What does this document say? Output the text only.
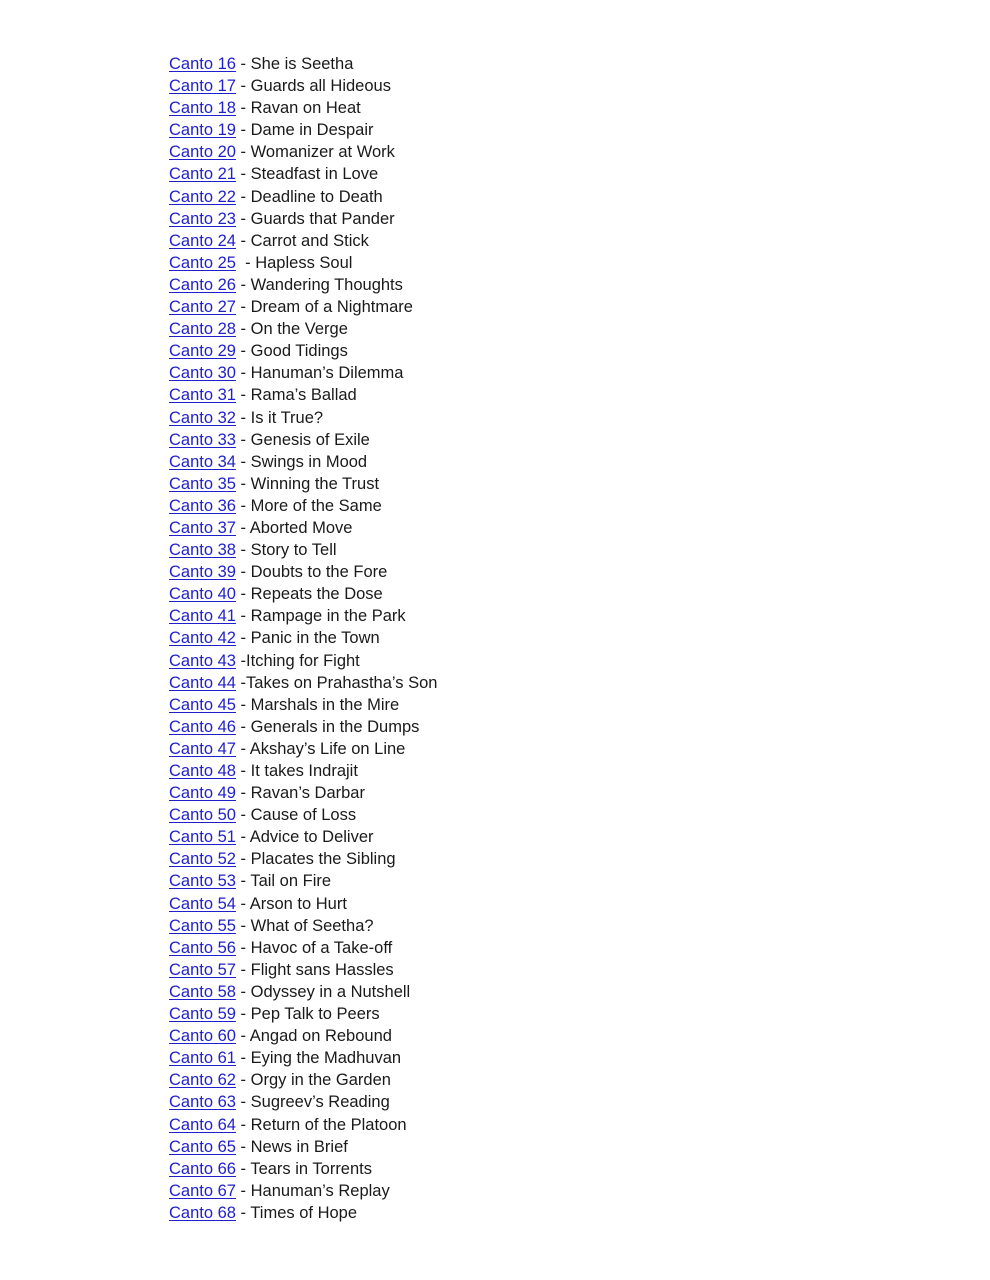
Canto 16 - She is Seetha
Canto 17 - Guards all Hideous
Canto 18 - Ravan on Heat
Canto 19 - Dame in Despair
Canto 20 - Womanizer at Work
Canto 21 - Steadfast in Love
Canto 22 - Deadline to Death
Canto 23 - Guards that Pander
Canto 24 - Carrot and Stick
Canto 25  - Hapless Soul
Canto 26 - Wandering Thoughts
Canto 27 - Dream of a Nightmare
Canto 28 - On the Verge
Canto 29 - Good Tidings
Canto 30 - Hanuman’s Dilemma
Canto 31 - Rama’s Ballad
Canto 32 - Is it True?
Canto 33 - Genesis of Exile
Canto 34 - Swings in Mood
Canto 35 - Winning the Trust
Canto 36 - More of the Same
Canto 37 - Aborted Move
Canto 38 - Story to Tell
Canto 39 - Doubts to the Fore
Canto 40 - Repeats the Dose
Canto 41 - Rampage in the Park
Canto 42 - Panic in the Town
Canto 43 -Itching for Fight
Canto 44 -Takes on Prahastha’s Son
Canto 45 - Marshals in the Mire
Canto 46 - Generals in the Dumps
Canto 47 - Akshay’s Life on Line
Canto 48 - It takes Indrajit
Canto 49 - Ravan’s Darbar
Canto 50 - Cause of Loss
Canto 51 - Advice to Deliver
Canto 52 - Placates the Sibling
Canto 53 - Tail on Fire
Canto 54 - Arson to Hurt
Canto 55 - What of Seetha?
Canto 56 - Havoc of a Take-off
Canto 57 - Flight sans Hassles
Canto 58 - Odyssey in a Nutshell
Canto 59 - Pep Talk to Peers
Canto 60 - Angad on Rebound
Canto 61 - Eying the Madhuvan
Canto 62 - Orgy in the Garden
Canto 63 - Sugreev’s Reading
Canto 64 - Return of the Platoon
Canto 65 - News in Brief
Canto 66 - Tears in Torrents
Canto 67 - Hanuman’s Replay
Canto 68 - Times of Hope
